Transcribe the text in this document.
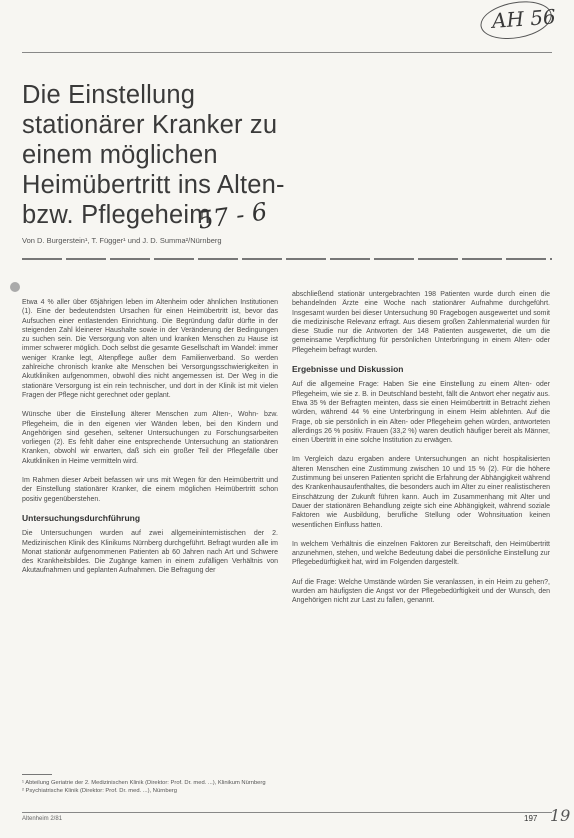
AH 56
Die Einstellung
stationärer Kranker zu
einem möglichen
Heimübertritt ins Alten-
bzw. Pflegeheim
57 - 6
Von D. Burgerstein¹, T. Függer¹ und J. D. Summa²/Nürnberg

Etwa 4 % aller über 65jährigen leben im Altenheim oder ähnlichen Institutionen (1). Eine der bedeutendsten Ursachen für einen Heimübertritt ist, bevor das Aufsuchen einer entlastenden Einrichtung. Die Begründung dafür dürfte in der steigenden Zahl kleinerer Haushalte sowie in der Veränderung der Bedingungen zu suchen sein. Die Versorgung von alten und kranken Menschen zu Hause ist immer schwerer möglich. Doch selbst die gesamte Gesellschaft im Wandel: immer weniger Kranke legt, Altenpflege außer dem Familienverband. So werden zahlreiche chronisch kranke alte Menschen bei Versorgungsschwierigkeiten in Akutkliniken aufgenommen, obwohl dies nicht angemessen ist. Der Weg in die stationäre Versorgung ist ein rein technischer, und dort in der Klinik ist mit vielen Fragen der Pflege nicht gerechnet oder geplant.

Wünsche über die Einstellung älterer Menschen zum Alten-, Wohn- bzw. Pflegeheim, die in den eigenen vier Wänden leben, bei den Kindern und Angehörigen sind gesehen, seltener Untersuchungen zu Forschungsarbeiten vorliegen (2). Es fehlt daher eine entsprechende Untersuchung an stationären Kranken, obwohl wir erwarten, daß sich ein großer Teil der Pflegefälle über Akutkliniken in Heime vermitteln wird.

Im Rahmen dieser Arbeit befassen wir uns mit Wegen für den Heimübertritt und der Einstellung stationärer Kranker, die einem möglichen Heimübertritt schon positiv gegenüberstehen.

Untersuchungsdurchführung

Die Untersuchungen wurden auf zwei allgemeininternistischen der 2. Medizinischen Klinik des Klinikums Nürnberg durchgeführt. Befragt wurden alle im Monat stationär aufgenommenen Patienten ab 60 Jahren nach Art und Schwere des Krankheitsbildes. Die Zugänge kamen in einem zufälligen Verhältnis von Akutaufnahmen und geplanten Aufnahmen. Die Befragung der

¹ Abteilung Geriatrie der 2. Medizinischen Klinik (Direktor: Prof. Dr. med. ...), Klinikum Nürnberg
² Psychiatrische Klinik (Direktor: Prof. Dr. med. ...), Nürnberg

abschließend stationär untergebrachten 198 Patienten wurde durch einen die behandelnden Ärzte eine Woche nach stationärer Aufnahme durchgeführt. Insgesamt wurden bei dieser Untersuchung 90 Fragebogen ausgewertet und somit die medizinische Relevanz erfragt. Aus diesem großen Zahlenmaterial wurden für diese Studie nur die Antworten der 148 Patienten ausgewertet, die um die gemeinsame Verpflichtung für persönlichen Unterbringung in einem Alten- oder Pflegeheim befragt wurden.

Ergebnisse und Diskussion

Auf die allgemeine Frage: Haben Sie eine Einstellung zu einem Alten- oder Pflegeheim, wie sie z. B. in Deutschland besteht, fällt die Antwort eher negativ aus. Etwa 35 % der Befragten meinten, dass sie einen Heimübertritt in Betracht ziehen würden, während 44 % eine Unterbringung in einem Heim ablehnten. Auf die Frage, ob sie persönlich in ein Alten- oder Pflegeheim gehen würden, antworteten allerdings 26 % positiv. Frauen (33,2 %) waren deutlich häufiger bereit als Männer, einen Übertritt in eine solche Institution zu erwägen.

Im Vergleich dazu ergaben andere Untersuchungen an nicht hospitalisierten älteren Menschen eine Zustimmung zwischen 10 und 15 % (2). Für die höhere Zustimmung bei unseren Patienten spricht die Erfahrung der Abhängigkeit während des Krankenhausaufenthaltes, die besonders auch im Alter zu einer realistischeren Einschätzung der Zukunft führen kann. Auch im Zusammenhang mit Alter und Dauer der stationären Behandlung zeigte sich eine Abhängigkeit, während soziale Faktoren wie Ausbildung, berufliche Stellung oder Wohnsituation keinen wesentlichen Einfluss hatten.

In welchem Verhältnis die einzelnen Faktoren zur Bereitschaft, den Heimübertritt anzunehmen, stehen, und welche Bedeutung dabei die persönliche Einstellung zur Pflegebedürftigkeit hat, wird im Folgenden dargestellt.

Auf die Frage: Welche Umstände würden Sie veranlassen, in ein Heim zu gehen?, wurden am häufigsten die Angst vor der Pflegebedürftigkeit und der Wunsch, den Angehörigen nicht zur Last zu fallen, genannt.

Altenheim 2/81	197 19
